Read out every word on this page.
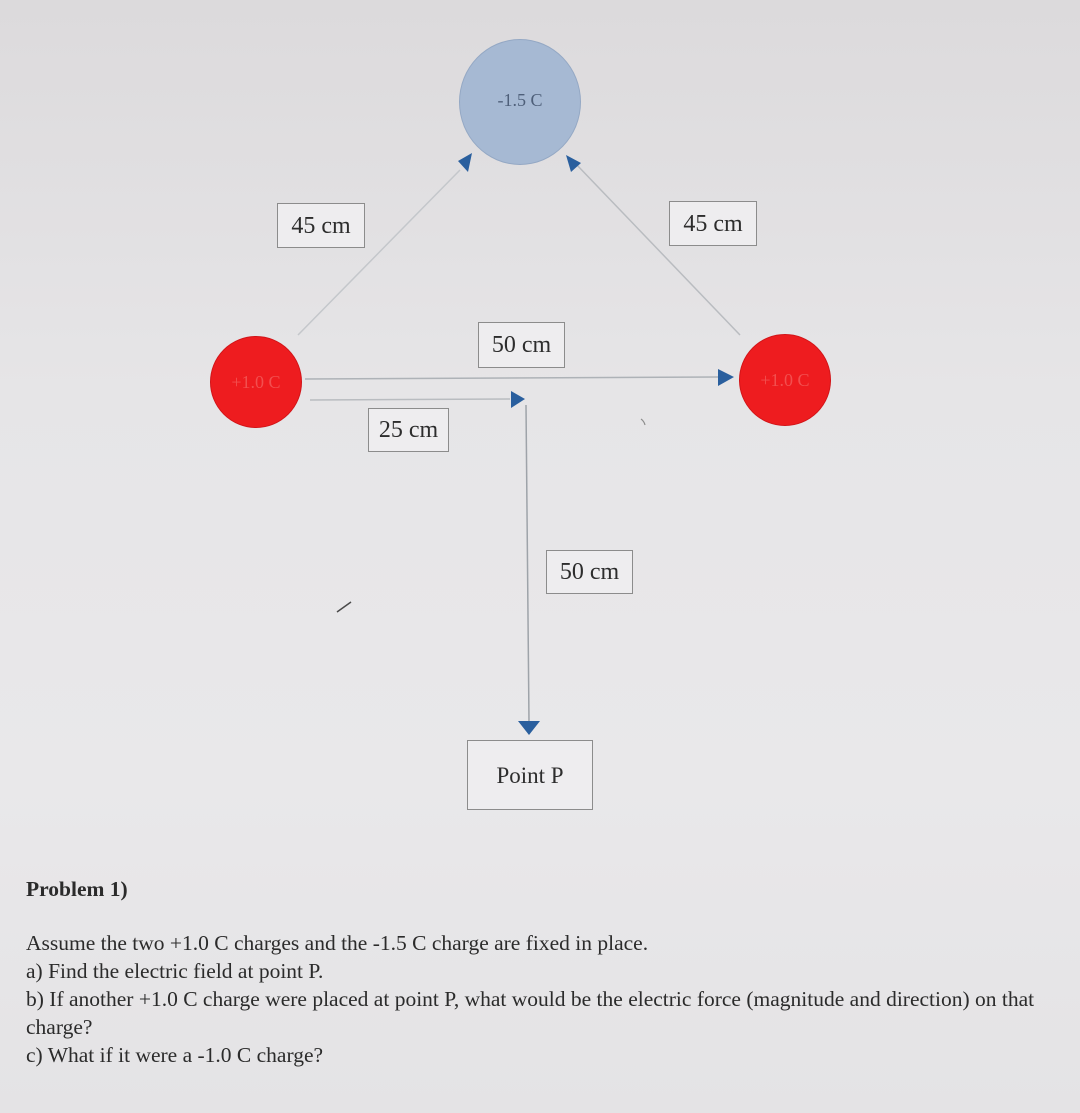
-1.5 C
+1.0 C	+1.0 C
45 cm	45 cm
50 cm
25 cm
50 cm
Point P

Problem 1)

Assume the two +1.0 C charges and the -1.5 C charge are fixed in place.

a) Find the electric field at point P.

b) If another +1.0 C charge were placed at point P, what would be the electric force (magnitude and direction) on that charge?

c) What if it were a -1.0 C charge?
